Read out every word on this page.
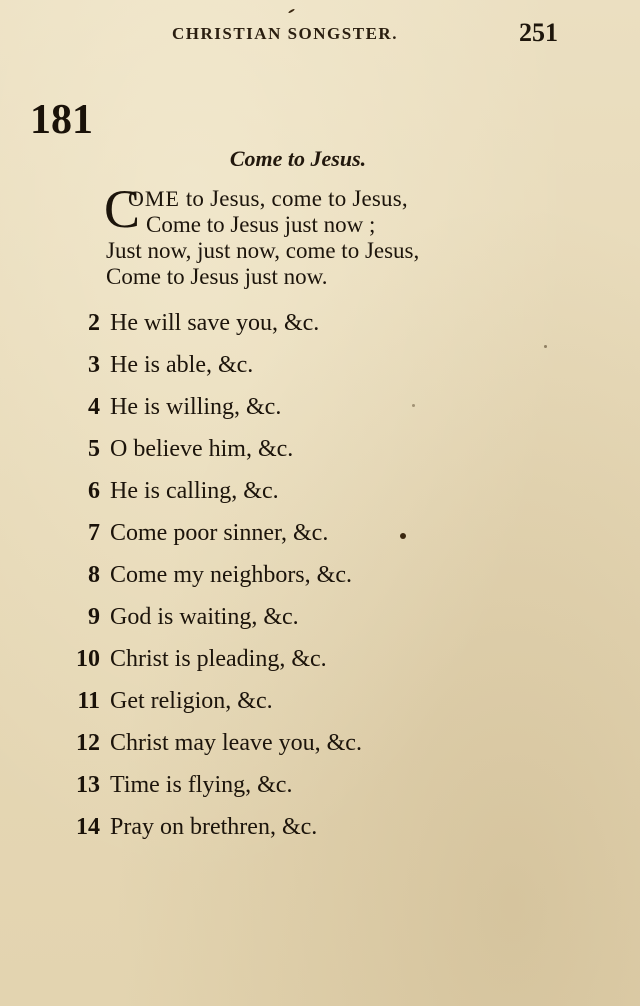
CHRISTIAN SONGSTER.	251
181
Come to Jesus.
C
OME to Jesus, come to Jesus,
Come to Jesus just now ;
Just now, just now, come to Jesus,
Come to Jesus just now.
2 He will save you, &c.
3 He is able, &c.
4 He is willing, &c.
5 O believe him, &c.
6 He is calling, &c.
7 Come poor sinner, &c.
8 Come my neighbors, &c.
9 God is waiting, &c.
10 Christ is pleading, &c.
11 Get religion, &c.
12 Christ may leave you, &c.
13 Time is flying, &c.
14 Pray on brethren, &c.
